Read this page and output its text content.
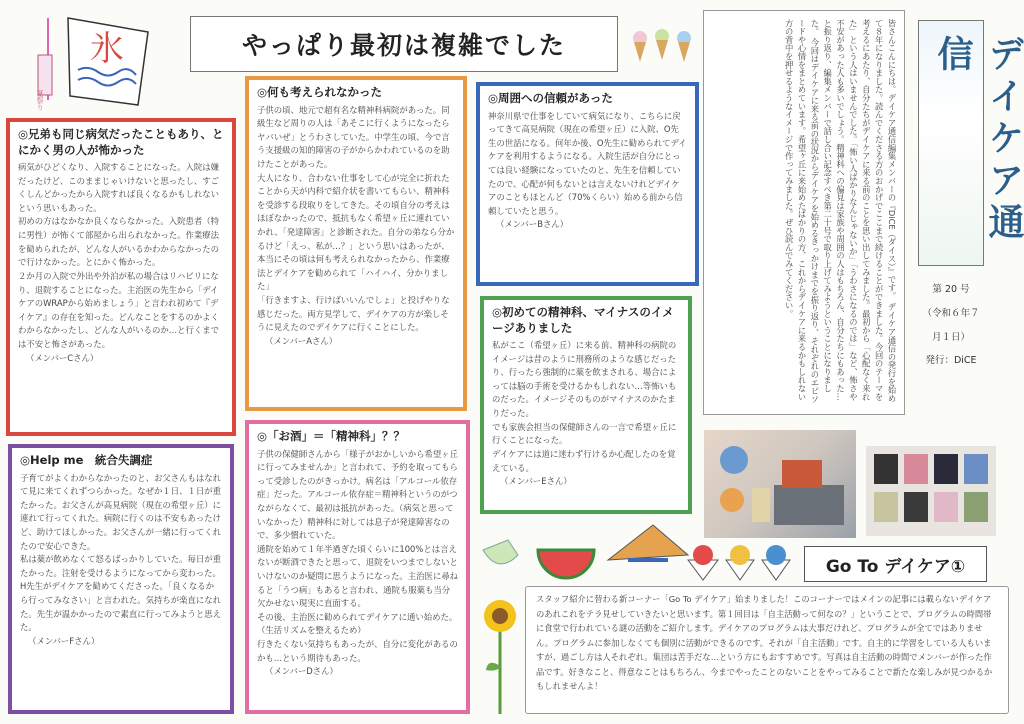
氷
夏祭り
やっぱり最初は複雑でした	皆さんこんにちは。デイケア通信編集メンバーの『DiCE（ダイス）』です。 デイケア通信の発行を始めて８年になりました。読んでくださる方のおかげでここまで続けることができました。今回のテーマを考えるにあたり、自分たちがデイケアに来る前のことを思い出してみました。最初から「心配なく来れた」という人はいませんでした。「怖い人ばかりなんじゃないか」「うわさになるのでは」など、怖さや不安があった人も多いでしょう。精神科への偏見は家族や周囲の人はもちろん、自分たちにもあった…と振り返り、編集メンバーで話し合い記念すべき第二十号で取り上げてみようということになりました。 今回はデイケアに来る前の状況からデイケアを始めるきっかけまでを振り返り、それぞれのエピソードや心情をまとめています。希望ヶ丘に来始めたばかりの方、これからデイケアに来るかもしれない方の背中を押せるようなイメージで作ってみました。ぜひ読んでみてください。	デイケア通信
第 20 号
（令和６年７月１日）
発行：DiCE
◎兄弟も同じ病気だったこともあり、とにかく男の人が怖かった

病気がひどくなり、入院することになった。入院は嫌だったけど、このままじゃいけないと思ったし、すごくしんどかったから入院すれば良くなるかもしれないという思いもあった。
初めの方はなかなか良くならなかった。入院患者（特に男性）が怖くて部屋から出られなかった。作業療法を勧められたが、どんな人がいるかわからなかったので行けなかった。とにかく怖かった。
２か月の入院で外出や外泊が私の場合はリハビリになり、退院することになった。主治医の先生から「デイケアのWRAPから始めましょう」と言われ初めて『デイケア』の存在を知った。どんなことをするのかよくわからなかったし、どんな人がいるのか…と行くまでは不安と怖さがあった。

（メンバーCさん）
◎何も考えられなかった

子供の頃、地元で超有名な精神科病院があった。同級生など周りの人は「あそこに行くようになったらヤバいぜ」とうわさしていた。中学生の頃、今で言う支援級の知的障害の子がからかわれているのを助けたことがあった。
大人になり、合わない仕事をして心が完全に折れたことから天が内科で紹介状を書いてもらい、精神科を受診する段取りをしてきた。その頃自分の考えはほぼなかったので、抵抗もなく希望ヶ丘に連れていかれ、「発達障害」と診断された。自分の弟なら分かるけど「えっ、私が…？」という思いはあったが、本当にその頃は何も考えられなかったから、作業療法とデイケアを勧められて「ハイハイ、分かりました」
「行きますよ、行けばいいんでしょ」と投げやりな感じだった。両方見学して、デイケアの方が楽しそうに見えたのでデイケアに行くことにした。

（メンバーAさん）
◎周囲への信頼があった

神奈川県で仕事をしていて病気になり、こちらに戻ってきて高見病院（現在の希望ヶ丘）に入院、O先生の世話になる。何年か後、O先生に勧められてデイケアを利用するようになる。入院生活が自分にとっては良い経験になっていたのと、先生を信頼していたので、心配が何もないとは言えないけれどデイケアのこともほとんど（70%くらい）始める前から信頼していたと思う。

（メンバーBさん）
◎初めての精神科、マイナスのイメージありました

私がここ（希望ヶ丘）に来る前、精神科の病院のイメージは昔のように刑務所のような感じだったり、行ったら強制的に薬を飲まされる、場合によっては脳の手術を受けるかもしれない…等怖いものだった。イメージそのものがマイナスのかたまりだった。
でも家族会担当の保健師さんの一言で希望ヶ丘に行くことになった。
デイケアには道に迷わず行けるか心配したのを覚えている。

（メンバーEさん）
◎Help me　統合失調症

子育てがよくわからなかったのと、お父さんもはなれて見に来てくれずつらかった。なぜか１日、１日が重たかった。お父さんが高見病院（現在の希望ヶ丘）に連れて行ってくれた。病院に行くのは不安もあったけど、助けてほしかった。お父さんが一緒に行ってくれたので安心できた。
私は薬が飲めなくて怒るばっかりしていた。毎日が重たかった。注射を受けるようになってから変わった。
H先生がデイケアを勧めてくださった。「良くなるから行ってみなさい」と言われた。気持ちが楽直になれた。先生が温かかったので素直に行ってみようと思えた。

（メンバーFさん）
◎「お酒」＝「精神科」？？

子供の保健師さんから「様子がおかしいから希望ヶ丘に行ってみませんか」と言われて、予約を取ってもらって受診したのがきっかけ。病名は「アルコール依存症」だった。アルコール依存症＝精神科というのがつながらなくて、最初は抵抗があった。（病気と思っていなかった）精神科に対しては息子が発達障害なので、多少慣れていた。
通院を始めて１年半過ぎた頃くらいに100%とは言えないが断酒できたと思って、退院をいつまでしないといけないのか疑問に思うようになった。主治医に尋ねると「うつ病」もあると言われ、通院も服薬も当分欠かせない現実に直面する。
その後、主治医に勧められてデイケアに通い始めた。（生活リズムを整えるため）
行きたくない気持ちもあったが、自分に変化があるのかも…という期待もあった。

（メンバーDさん）
Go To デイケア①
スタッフ紹介に替わる新コーナー「Go To デイケア」始まりました！このコーナーではメインの記事には載らないデイケアのあれこれをテラ見せしていきたいと思います。第１回目は「自主活動って何なの？」ということで、プログラムの時間帯に食堂で行われている謎の活動をご紹介します。デイケアのプログラムは大事だけれど、プログラムが全てではありません。プログラムに参加しなくても個別に活動ができるのです。それが「自主活動」です。自主的に学習をしている人もいますが、過ごし方は人それぞれ。集団は苦手だな…という方にもおすすめです。写真は自主活動の時間でメンバーが作った作品です。好きなこと、得意なことはもちろん、今までやったことのないことをやってみることで新たな楽しみが見つかるかもしれませんよ！
